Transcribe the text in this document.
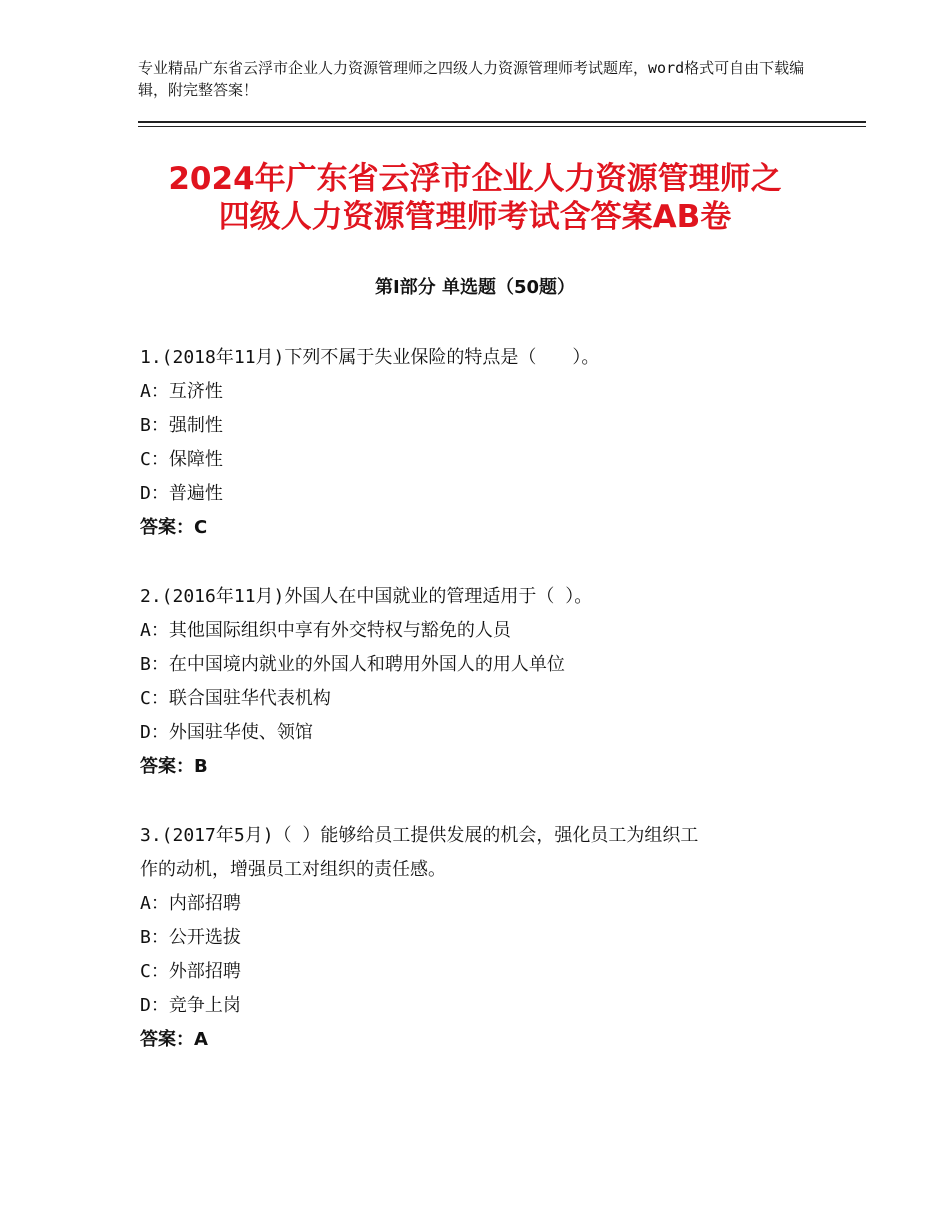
专业精品广东省云浮市企业人力资源管理师之四级人力资源管理师考试题库，word格式可自由下载编辑，附完整答案！
2024年广东省云浮市企业人力资源管理师之
四级人力资源管理师考试含答案AB卷
第Ⅰ部分 单选题（50题）

1.(2018年11月)下列不属于失业保险的特点是（　　）。

A：互济性

B：强制性

C：保障性

D：普遍性

答案：C

2.(2016年11月)外国人在中国就业的管理适用于（ ）。

A：其他国际组织中享有外交特权与豁免的人员

B：在中国境内就业的外国人和聘用外国人的用人单位

C：联合国驻华代表机构

D：外国驻华使、领馆

答案：B

3.(2017年5月)（ ）能够给员工提供发展的机会，强化员工为组织工

作的动机，增强员工对组织的责任感。

A：内部招聘

B：公开选拔

C：外部招聘

D：竞争上岗

答案：A
